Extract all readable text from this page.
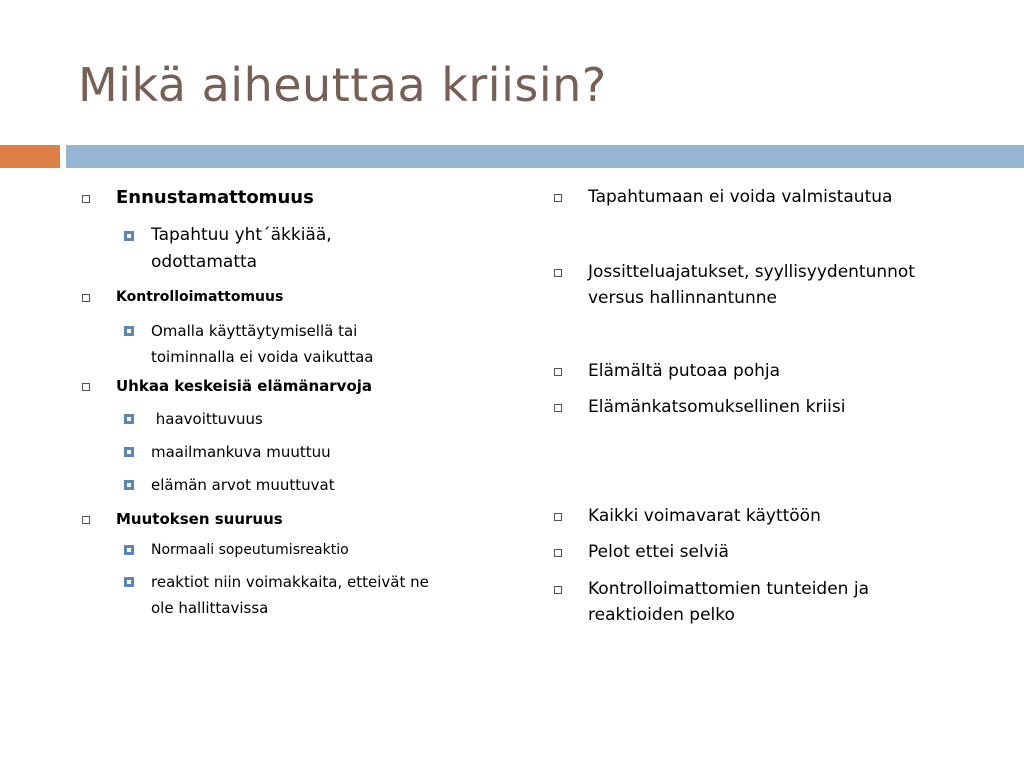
Mikä aiheuttaa kriisin?
Ennustamattomuus
Tapahtuu yht´äkkiää,
odottamatta
Kontrolloimattomuus
Omalla käyttäytymisellä tai
toiminnalla ei voida vaikuttaa
Uhkaa keskeisiä elämänarvoja
haavoittuvuus
maailmankuva muuttuu
elämän arvot muuttuvat
Muutoksen suuruus
Normaali sopeutumisreaktio
reaktiot niin voimakkaita, etteivät ne
ole hallittavissa
Tapahtumaan ei voida valmistautua
Jossitteluajatukset, syyllisyydentunnot
versus hallinnantunne
Elämältä putoaa pohja
Elämänkatsomuksellinen kriisi
Kaikki voimavarat käyttöön
Pelot ettei selviä
Kontrolloimattomien tunteiden ja
reaktioiden pelko
